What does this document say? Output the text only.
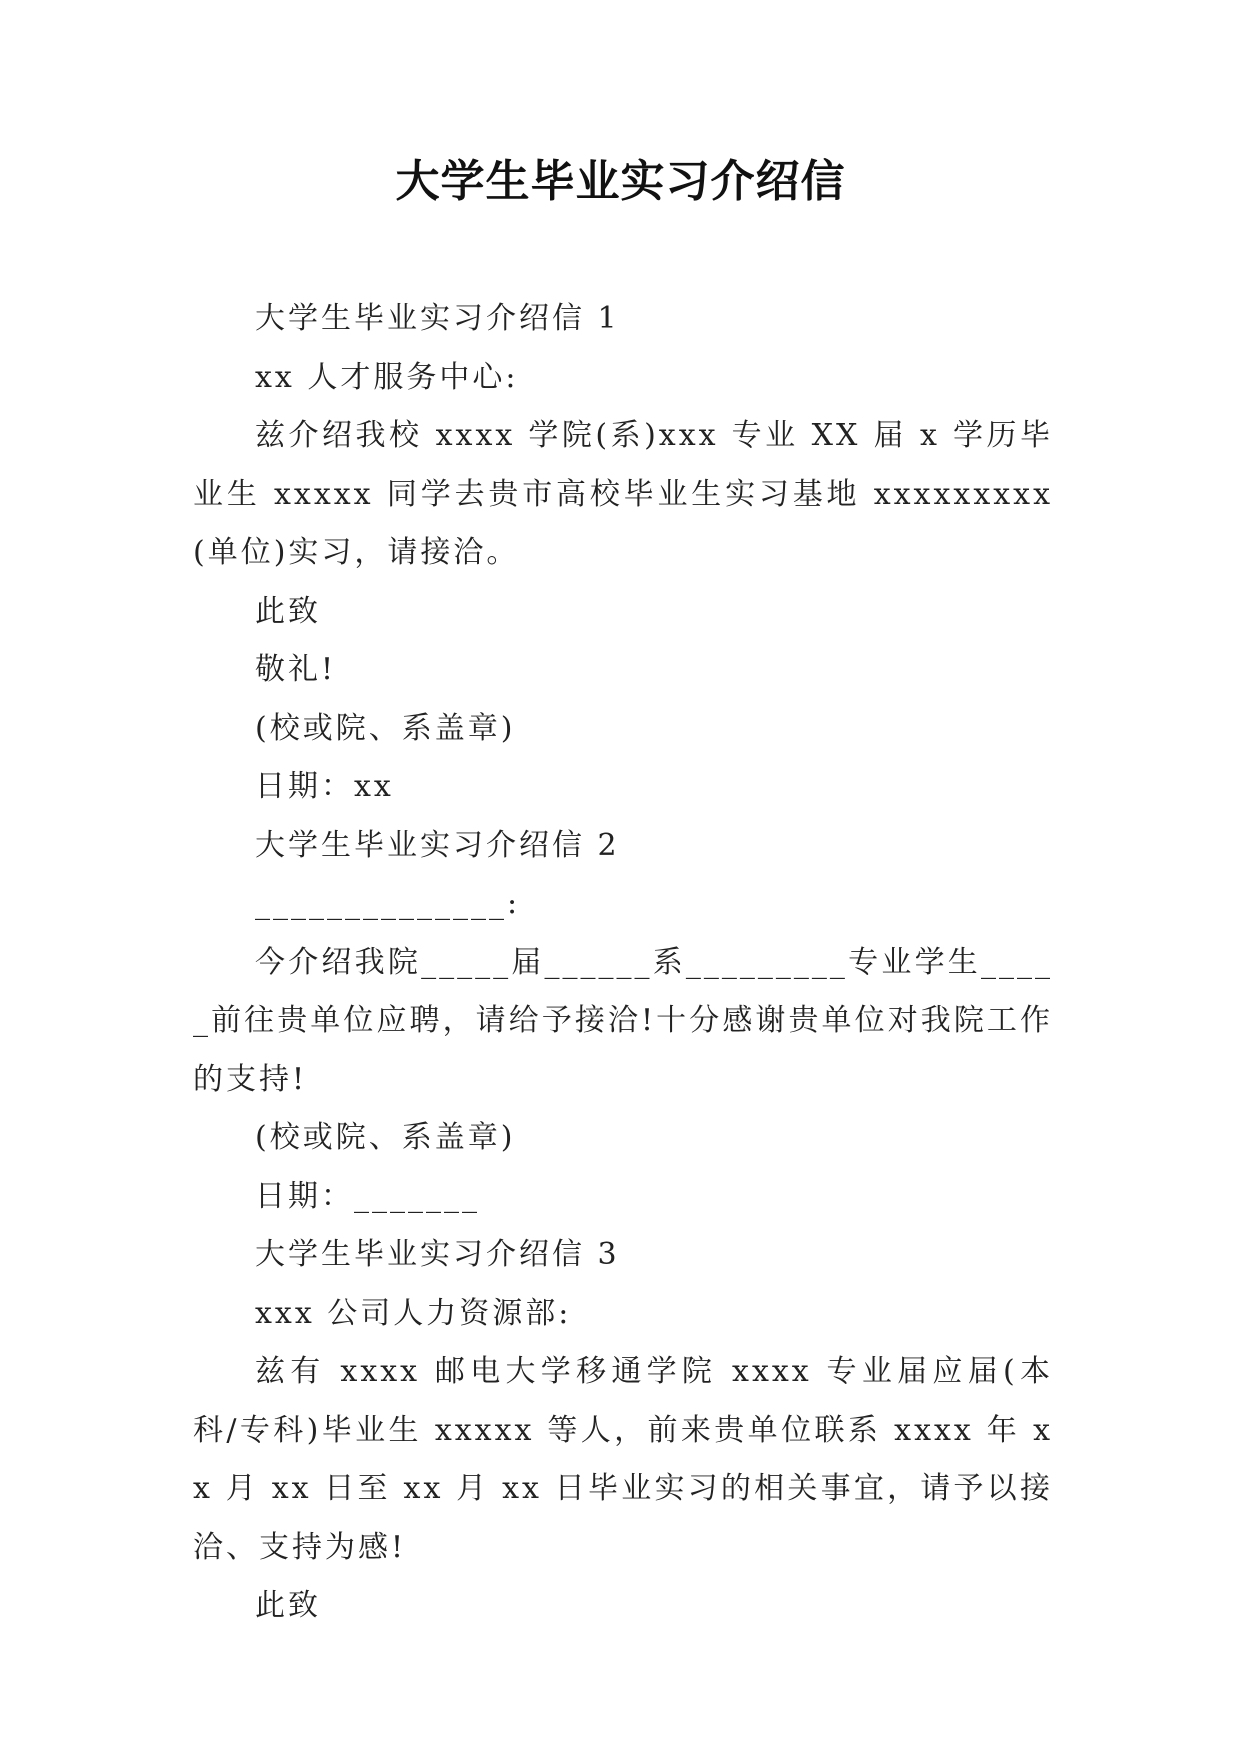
大学生毕业实习介绍信

大学生毕业实习介绍信 1

xx 人才服务中心:

兹介绍我校 xxxx 学院(系)xxx 专业 XX 届 x 学历毕业生 xxxxx 同学去贵市高校毕业生实习基地 xxxxxxxxx(单位)实习，请接洽。

此致

敬礼!

(校或院、系盖章)

日期：xx

大学生毕业实习介绍信 2

______________:

今介绍我院_____届______系_________专业学生_____前往贵单位应聘，请给予接洽!十分感谢贵单位对我院工作的支持!

(校或院、系盖章)

日期：_______

大学生毕业实习介绍信 3

xxx 公司人力资源部:

兹有 xxxx 邮电大学移通学院 xxxx 专业届应届(本科/专科)毕业生 xxxxx 等人，前来贵单位联系 xxxx 年 xx 月 xx 日至 xx 月 xx 日毕业实习的相关事宜，请予以接洽、支持为感!

此致
